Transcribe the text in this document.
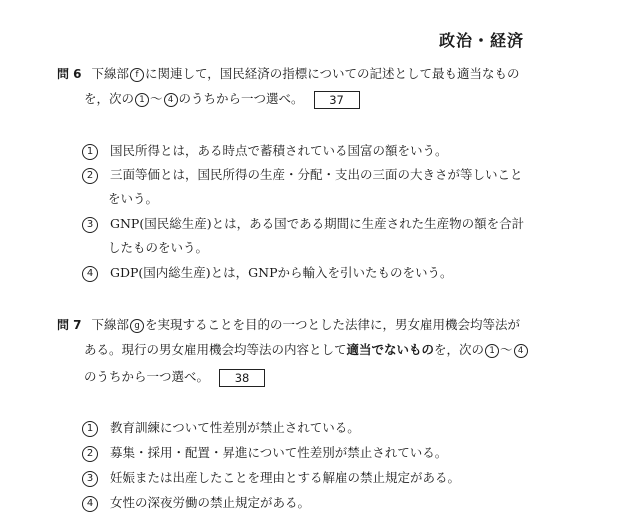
政治・経済
問 6 下線部 f に関連して，国民経済の指標についての記述として最も適当なもの
を，次の 1 〜 4 のうちから一つ選べ。 37
1 国民所得とは，ある時点で蓄積されている国富の額をいう。
2 三面等価とは，国民所得の生産・分配・支出の三面の大きさが等しいこと
をいう。
3 GNP(国民総生産)とは，ある国である期間に生産された生産物の額を合計
したものをいう。
4 GDP(国内総生産)とは，GNPから輸入を引いたものをいう。
問 7 下線部 g を実現することを目的の一つとした法律に，男女雇用機会均等法が
ある。現行の男女雇用機会均等法の内容として適当でないものを，次の 1 〜 4
のうちから一つ選べ。 38
1 教育訓練について性差別が禁止されている。
2 募集・採用・配置・昇進について性差別が禁止されている。
3 妊娠または出産したことを理由とする解雇の禁止規定がある。
4 女性の深夜労働の禁止規定がある。
